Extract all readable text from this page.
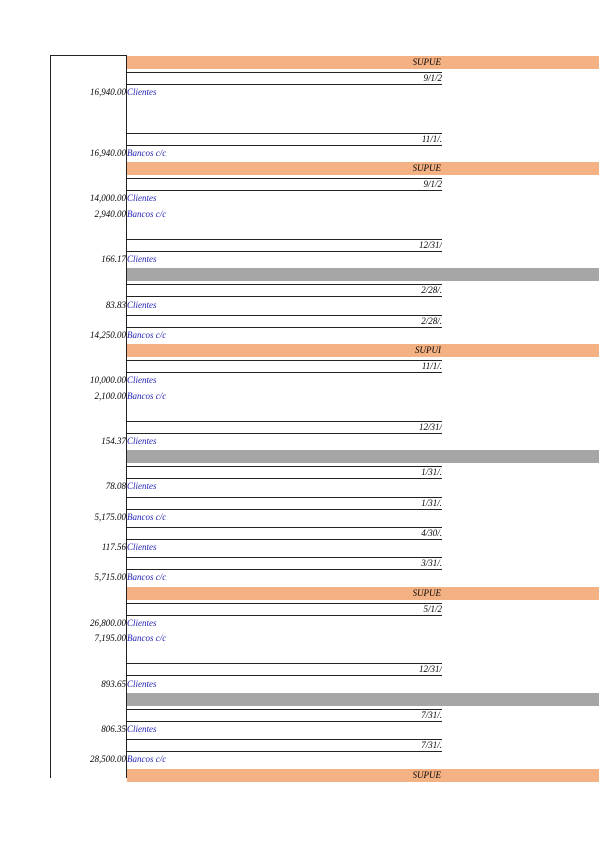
SUPUE
9/1/2
16,940.00 Clientes
11/1/.
16,940.00 Bancos c/c
SUPUE
9/1/2
14,000.00 Clientes
2,940.00 Bancos c/c
12/31/
166.17 Clientes
2/28/.
83.83 Clientes
2/28/.
14,250.00 Bancos c/c
SUPUI
11/1/.
10,000.00 Clientes
2,100.00 Bancos c/c
12/31/
154.37 Clientes
1/31/.
78.08 Clientes
1/31/.
5,175.00 Bancos c/c
4/30/.
117.56 Clientes
3/31/.
5,715.00 Bancos c/c
SUPUE
5/1/2
26,800.00 Clientes
7,195.00 Bancos c/c
12/31/
893.65 Clientes
7/31/.
806.35 Clientes
7/31/.
28,500.00 Bancos c/c
SUPUE
